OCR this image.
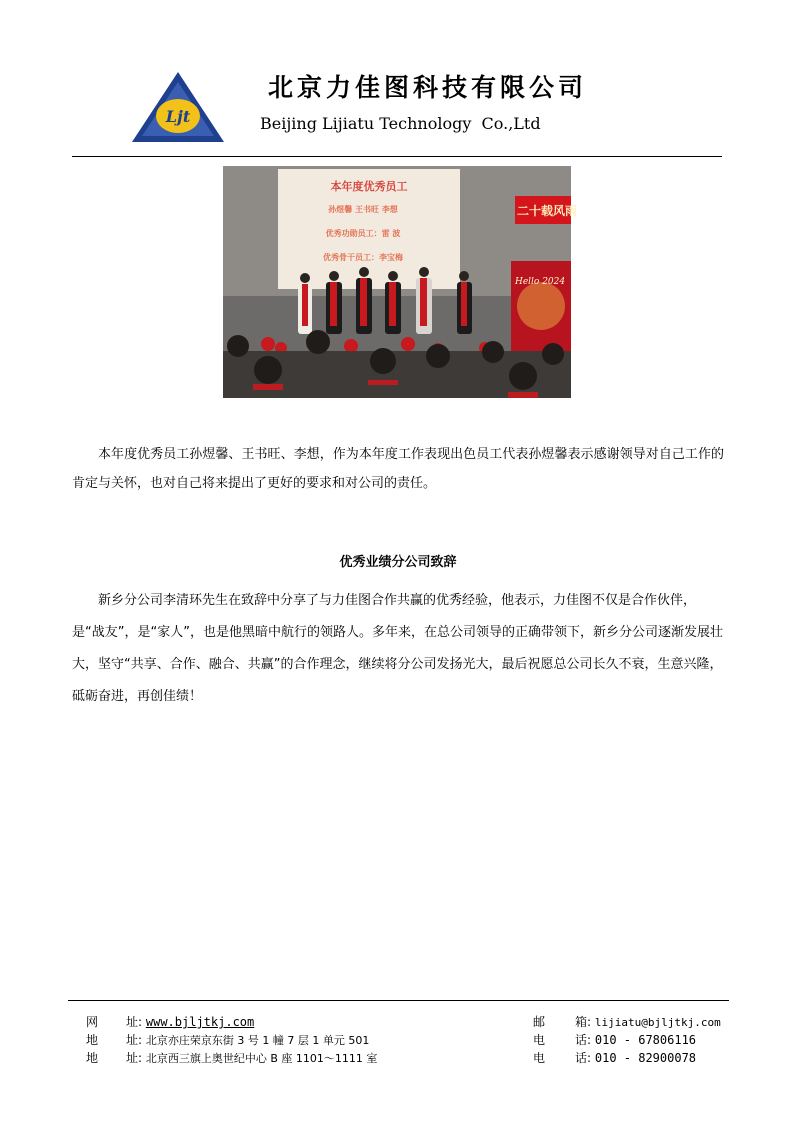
Ljt
北京力佳图科技有限公司
Beijing Lijiatu Technology  Co.,Ltd
本年度优秀员工
孙煜馨 王书旺 李想
优秀功勋员工：雷 波
优秀骨干员工：李宝梅
二十载风雨
Hello 2024

本年度优秀员工孙煜馨、王书旺、李想，作为本年度工作表现出色员工代表孙煜馨表示感谢领导对自己工作的肯定与关怀，也对自己将来提出了更好的要求和对公司的责任。

优秀业绩分公司致辞

新乡分公司李清环先生在致辞中分享了与力佳图合作共赢的优秀经验，他表示，力佳图不仅是合作伙伴，是“战友”，是“家人”，也是他黑暗中航行的领路人。多年来，在总公司领导的正确带领下，新乡分公司逐渐发展壮大，坚守“共享、合作、融合、共赢”的合作理念，继续将分公司发扬光大，最后祝愿总公司长久不衰，生意兴隆，砥砺奋进，再创佳绩！

网 址: www.bjljtkj.com	邮 箱: lijiatu@bjljtkj.com
地 址: 北京亦庄荣京东街 3 号 1 幢 7 层 1 单元 501	电 话: 010 - 67806116
地 址: 北京西三旗上奥世纪中心 B 座 1101～1111 室	电 话: 010 - 82900078
